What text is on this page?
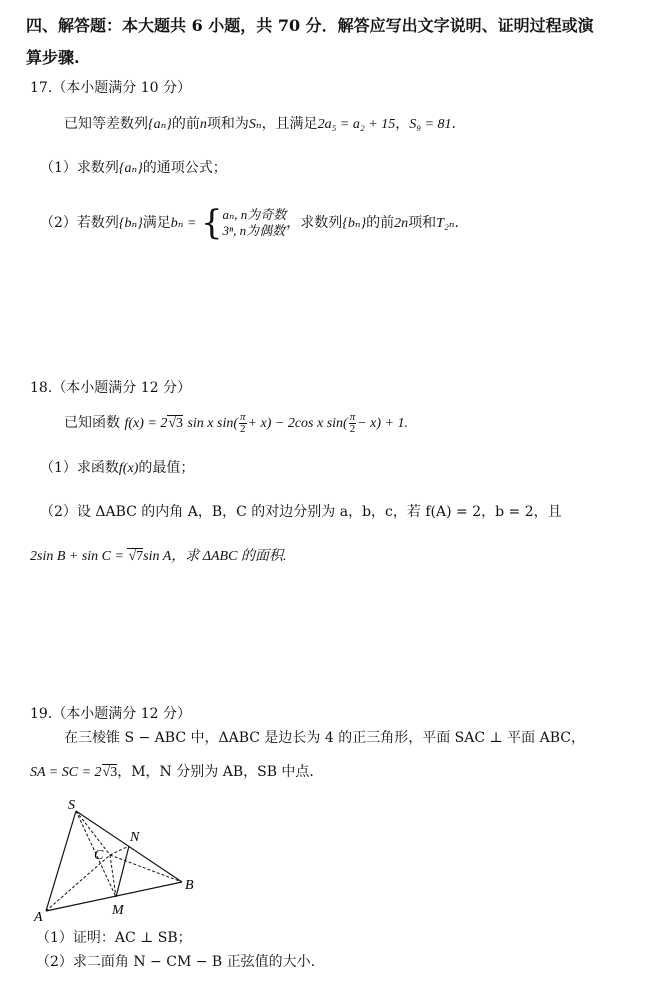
四、解答题：本大题共 6 小题，共 70 分．解答应写出文字说明、证明过程或演
算步骤.
17.（本小题满分 10 分）
已知等差数列{aₙ}的前n项和为Sₙ，且满足2a₅ = a₂ + 15，S₉ = 81.
（1）求数列{aₙ}的通项公式；
（2）若数列{bₙ}满足bₙ = { aₙ, n为奇数
3ⁿ, n为偶数 ，求数列{bₙ}的前2n项和T₂ₙ.
18.（本小题满分 12 分）
已知函数 f(x) = 2√3 sin x $\sin( \frac{\pi}{2} + x) - 2\cos$ x $\sin( \frac{\pi}{2} - x) + 1$.
（1）求函数f(x)的最值；
（2）设 ΔABC 的内角 A，B，C 的对边分别为 a，b，c，若 f(A) = 2，b = 2，且
2sin B + sin C = √7sin A，求 ΔABC 的面积.
19.（本小题满分 12 分）
在三棱锥 S − ABC 中，ΔABC 是边长为 4 的正三角形，平面 SAC ⊥ 平面 ABC，
SA = SC = 2√3，M，N 分别为 AB，SB 中点.
S
N
C
B
A	M
（1）证明：AC ⊥ SB；
（2）求二面角 N − CM − B 正弦值的大小.
